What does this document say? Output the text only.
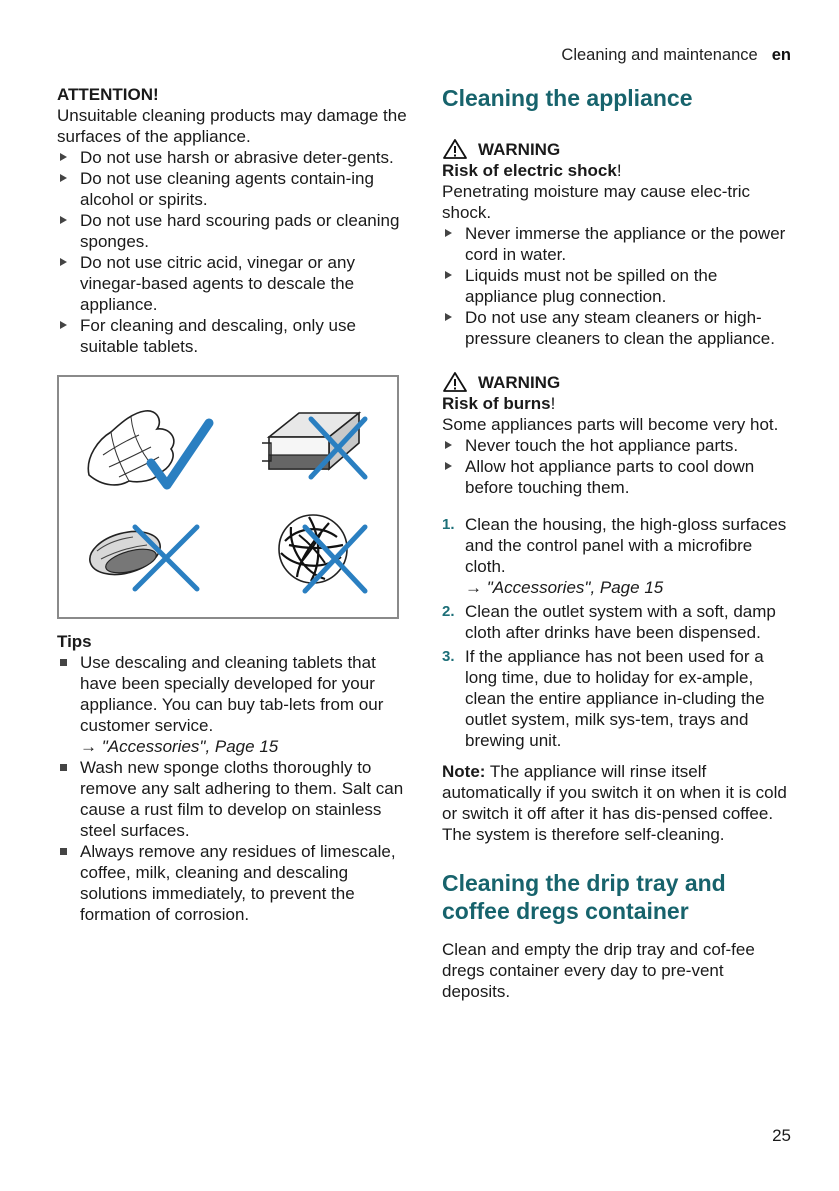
Cleaning and maintenance en

ATTENTION!

Unsuitable cleaning products may damage the surfaces of the appliance.

Do not use harsh or abrasive deter-gents.
Do not use cleaning agents contain-ing alcohol or spirits.
Do not use hard scouring pads or cleaning sponges.
Do not use citric acid, vinegar or any vinegar-based agents to descale the appliance.
For cleaning and descaling, only use suitable tablets.

Tips

Use descaling and cleaning tablets that have been specially developed for your appliance. You can buy tab-lets from our customer service.
→ "Accessories", Page 15
Wash new sponge cloths thoroughly to remove any salt adhering to them. Salt can cause a rust film to develop on stainless steel surfaces.
Always remove any residues of limescale, coffee, milk, cleaning and descaling solutions immediately, to prevent the formation of corrosion.

Cleaning the appliance

WARNING

Risk of electric shock!

Penetrating moisture may cause elec-tric shock.

Never immerse the appliance or the power cord in water.
Liquids must not be spilled on the appliance plug connection.
Do not use any steam cleaners or high-pressure cleaners to clean the appliance.
WARNING

Risk of burns!

Some appliances parts will become very hot.

Never touch the hot appliance parts.
Allow hot appliance parts to cool down before touching them.
1. Clean the housing, the high-gloss surfaces and the control panel with a microfibre cloth.
→ "Accessories", Page 15
2. Clean the outlet system with a soft, damp cloth after drinks have been dispensed.
3. If the appliance has not been used for a long time, due to holiday for ex-ample, clean the entire appliance in-cluding the outlet system, milk sys-tem, trays and brewing unit.

Note: The appliance will rinse itself automatically if you switch it on when it is cold or switch it off after it has dis-pensed coffee. The system is therefore self-cleaning.

Cleaning the drip tray and coffee dregs container

Clean and empty the drip tray and cof-fee dregs container every day to pre-vent deposits.

25
